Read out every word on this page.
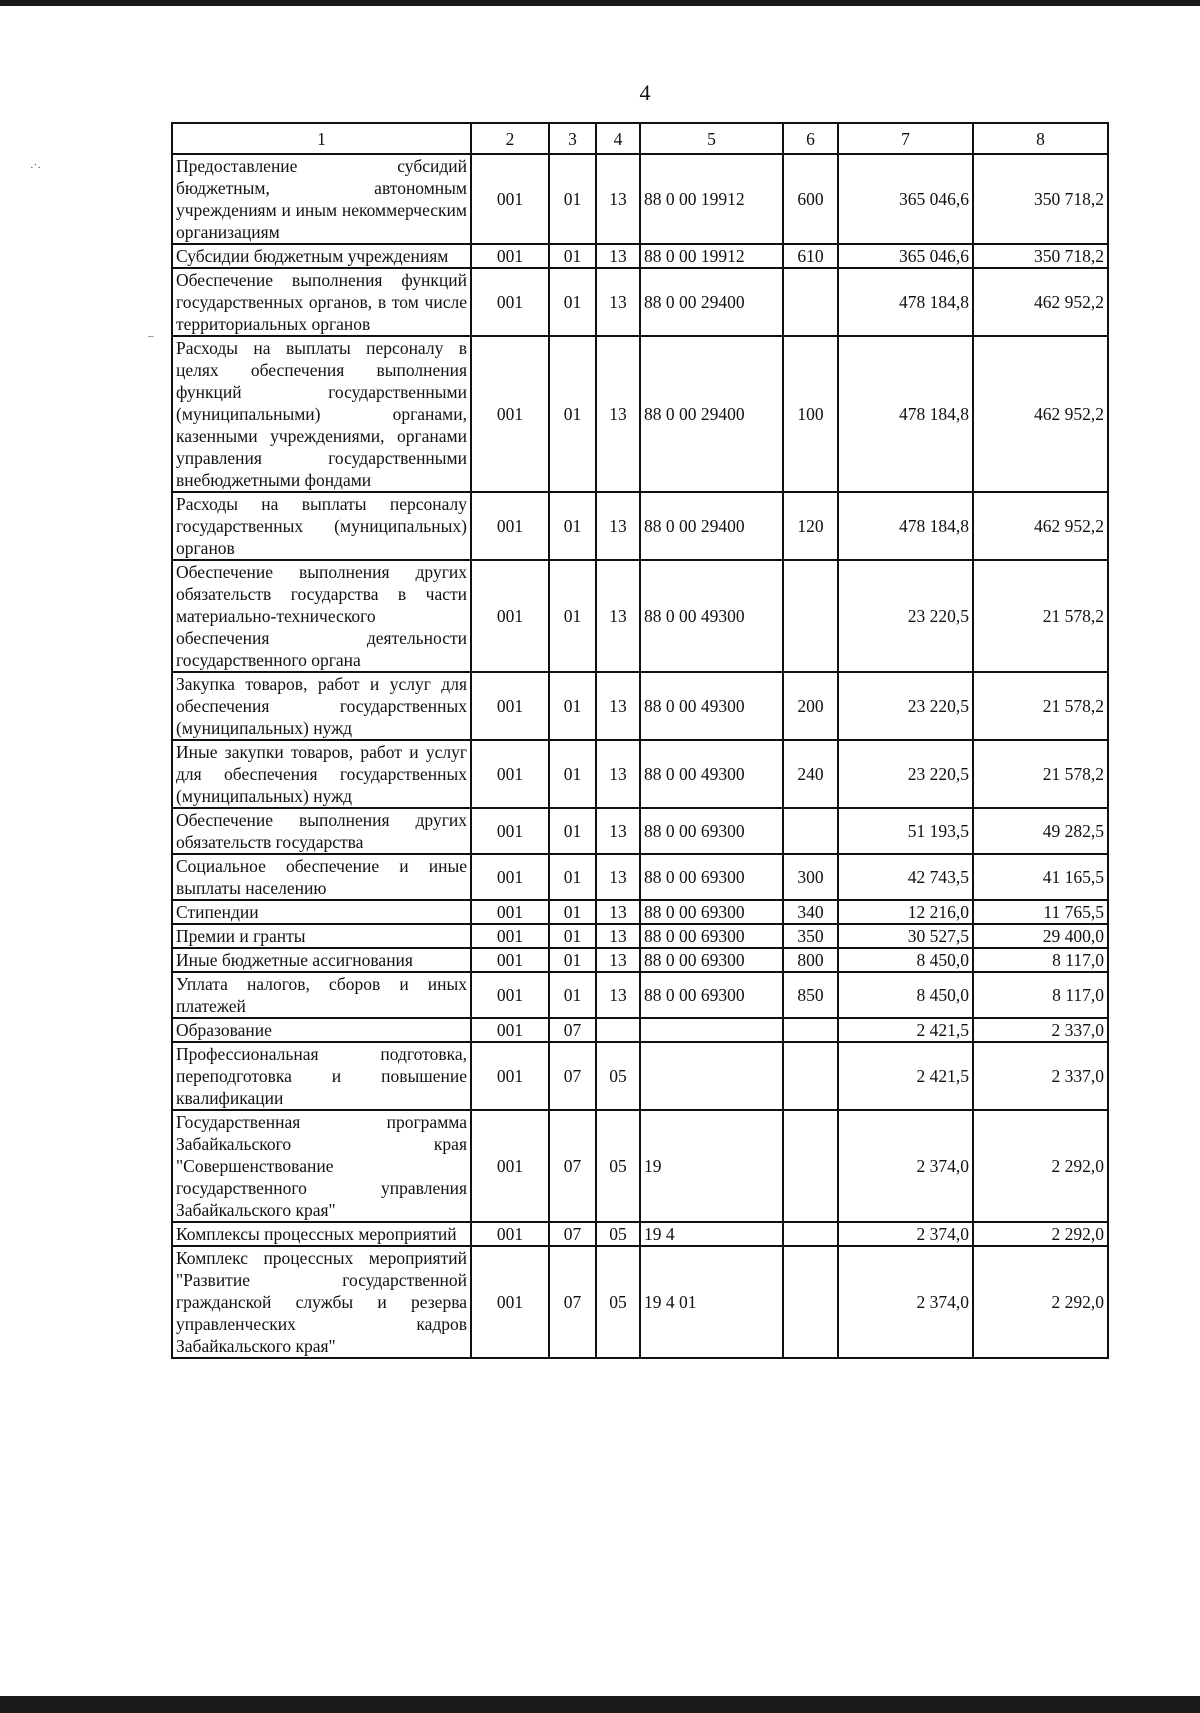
4
·˙·
–
1	2	3	4	5	6	7	8
Предоставление субсидий бюджетным, автономным учреждениям и иным некоммерческим организациям	001	01	13	88 0 00 19912	600	365 046,6	350 718,2
Субсидии бюджетным учреждениям	001	01	13	88 0 00 19912	610	365 046,6	350 718,2
Обеспечение выполнения функций государственных органов, в том числе территориальных органов	001	01	13	88 0 00 29400		478 184,8	462 952,2
Расходы на выплаты персоналу в целях обеспечения выполнения функций государственными (муниципальными) органами, казенными учреждениями, органами управления государственными внебюджетными фондами	001	01	13	88 0 00 29400	100	478 184,8	462 952,2
Расходы на выплаты персоналу государственных (муниципальных) органов	001	01	13	88 0 00 29400	120	478 184,8	462 952,2
Обеспечение выполнения других обязательств государства в части материально-технического обеспечения деятельности государственного органа	001	01	13	88 0 00 49300		23 220,5	21 578,2
Закупка товаров, работ и услуг для обеспечения государственных (муниципальных) нужд	001	01	13	88 0 00 49300	200	23 220,5	21 578,2
Иные закупки товаров, работ и услуг для обеспечения государственных (муниципальных) нужд	001	01	13	88 0 00 49300	240	23 220,5	21 578,2
Обеспечение выполнения других обязательств государства	001	01	13	88 0 00 69300		51 193,5	49 282,5
Социальное обеспечение и иные выплаты населению	001	01	13	88 0 00 69300	300	42 743,5	41 165,5
Стипендии	001	01	13	88 0 00 69300	340	12 216,0	11 765,5
Премии и гранты	001	01	13	88 0 00 69300	350	30 527,5	29 400,0
Иные бюджетные ассигнования	001	01	13	88 0 00 69300	800	8 450,0	8 117,0
Уплата налогов, сборов и иных платежей	001	01	13	88 0 00 69300	850	8 450,0	8 117,0
Образование	001	07				2 421,5	2 337,0
Профессиональная подготовка, переподготовка и повышение квалификации	001	07	05			2 421,5	2 337,0
Государственная программа Забайкальского края "Совершенствование государственного управления Забайкальского края"	001	07	05	19		2 374,0	2 292,0
Комплексы процессных мероприятий	001	07	05	19 4		2 374,0	2 292,0
Комплекс процессных мероприятий "Развитие государственной гражданской службы и резерва управленческих кадров Забайкальского края"	001	07	05	19 4 01		2 374,0	2 292,0
